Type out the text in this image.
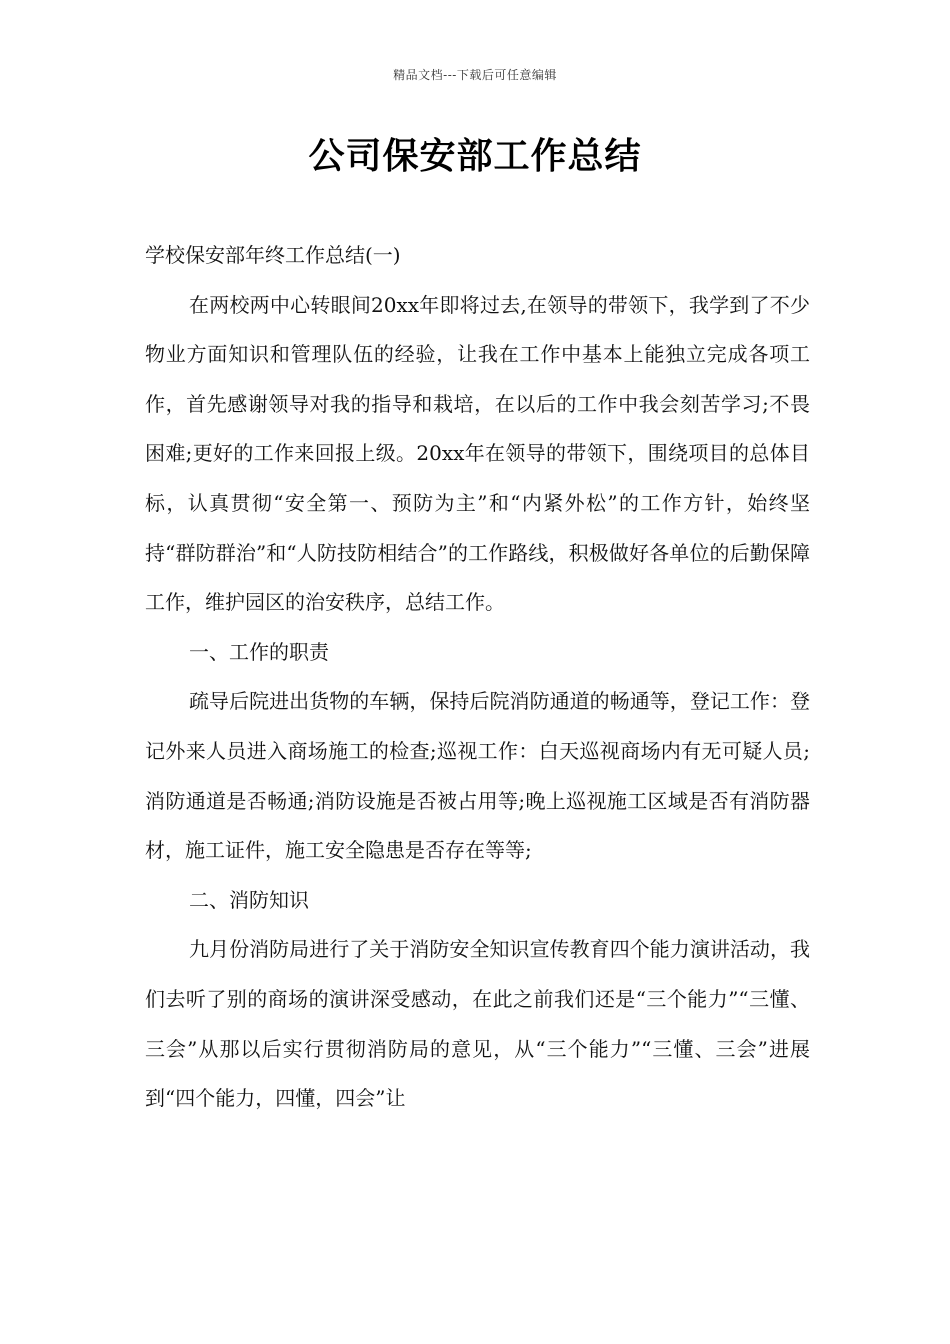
精品文档---下载后可任意编辑
公司保安部工作总结

学校保安部年终工作总结(一)

在两校两中心转眼间20xx年即将过去,在领导的带领下，我学到了不少物业方面知识和管理队伍的经验，让我在工作中基本上能独立完成各项工作，首先感谢领导对我的指导和栽培，在以后的工作中我会刻苦学习;不畏困难;更好的工作来回报上级。20xx年在领导的带领下，围绕项目的总体目标，认真贯彻“安全第一、预防为主”和“内紧外松”的工作方针，始终坚持“群防群治”和“人防技防相结合”的工作路线，积极做好各单位的后勤保障工作，维护园区的治安秩序，总结工作。

一、工作的职责

疏导后院进出货物的车辆，保持后院消防通道的畅通等，登记工作：登记外来人员进入商场施工的检查;巡视工作：白天巡视商场内有无可疑人员;消防通道是否畅通;消防设施是否被占用等;晚上巡视施工区域是否有消防器材，施工证件，施工安全隐患是否存在等等;

二、消防知识

九月份消防局进行了关于消防安全知识宣传教育四个能力演讲活动，我们去听了别的商场的演讲深受感动，在此之前我们还是“三个能力”“三懂、三会”从那以后实行贯彻消防局的意见，从“三个能力”“三懂、三会”进展到“四个能力，四懂，四会”让
